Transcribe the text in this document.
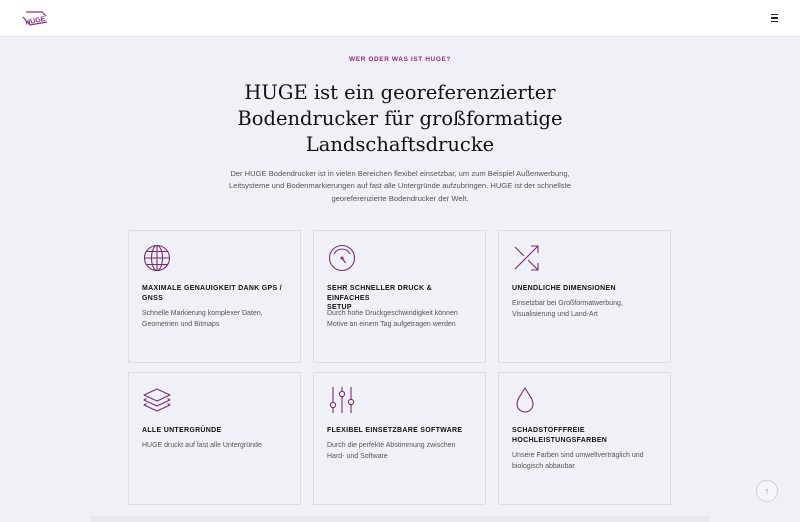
HUGE
WER ODER WAS IST HUGE?
HUGE ist ein georeferenzierter
Bodendrucker für großformatige
Landschaftsdrucke
Der HUGE Bodendrucker ist in vielen Bereichen flexibel einsetzbar, um zum Beispiel Außenwerbung,
Leitsysteme und Bodenmarkierungen auf fast alle Untergründe aufzubringen. HUGE ist der schnellste
georeferenzierte Bodendrucker der Welt.
MAXIMALE GENAUIGKEIT DANK GPS /
GNSS
Schnelle Markierung komplexer Daten,
Geometrien und Bitmaps
SEHR SCHNELLER DRUCK & EINFACHES
SETUP
Durch hohe Druckgeschwindigkeit können
Motive an einem Tag aufgetragen werden
UNENDLICHE DIMENSIONEN
Einsetzbar bei Großformatwerbung,
Visualisierung und Land-Art
ALLE UNTERGRÜNDE
HUGE druckt auf fast alle Untergründe
FLEXIBEL EINSETZBARE SOFTWARE
Durch die perfekte Abstimmung zwischen
Hard- und Software
SCHADSTOFFFREIE
HOCHLEISTUNGSFARBEN
Unsere Farben sind umweltverträglich und
biologisch abbaubar
↑
